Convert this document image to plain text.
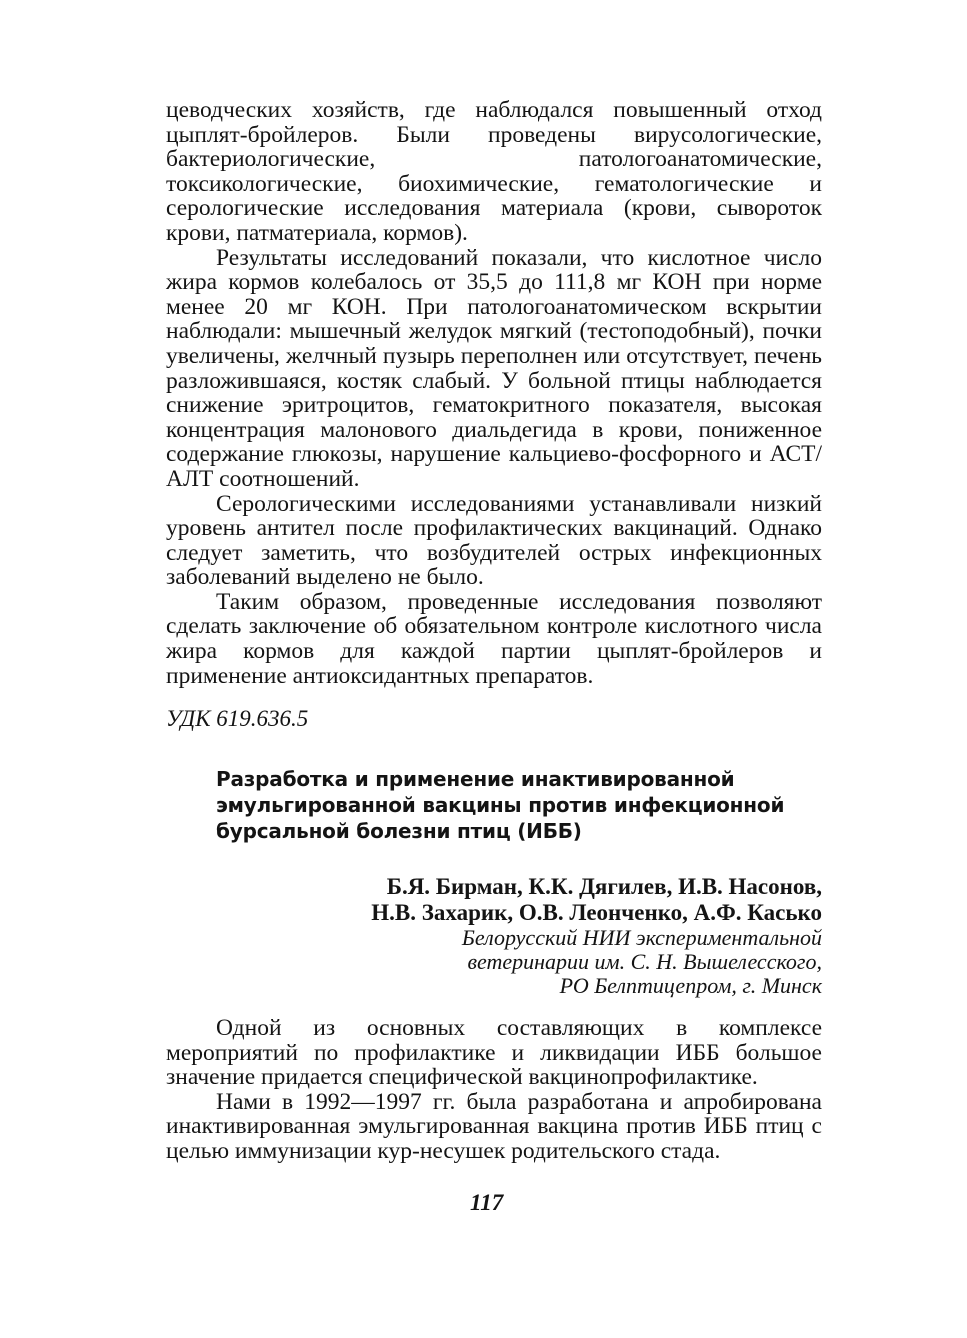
цеводческих хозяйств, где наблюдался повышенный отход цыплят-бройлеров. Были проведены вирусологические, бактериологические, патологоанатомические, токсикологические, биохимические, гематологические и серологические исследования материала (крови, сывороток крови, патматериала, кормов).

Результаты исследований показали, что кислотное число жира кормов колебалось от 35,5 до 111,8 мг КОН при норме менее 20 мг КОН. При патологоанатомическом вскрытии наблюдали: мышечный желудок мягкий (тестоподобный), почки увеличены, желчный пузырь переполнен или отсутствует, печень разложившаяся, костяк слабый. У больной птицы наблюдается снижение эритроцитов, гематокритного показателя, высокая концентрация малонового диальдегида в крови, пониженное содержание глюкозы, нарушение кальциево-фосфорного и АСТ/АЛТ соотношений.

Серологическими исследованиями устанавливали низкий уровень антител после профилактических вакцинаций. Однако следует заметить, что возбудителей острых инфекционных заболеваний выделено не было.

Таким образом, проведенные исследования позволяют сделать заключение об обязательном контроле кислотного числа жира кормов для каждой партии цыплят-бройлеров и применение антиоксидантных препаратов.

УДК 619.636.5

Разработка и применение инактивированной эмульгированной вакцины против инфекционной бурсальной болезни птиц (ИББ)

Б.Я. Бирман, К.К. Дягилев, И.В. Насонов,
Н.В. Захарик, О.В. Леонченко, А.Ф. Касько

Белорусский НИИ экспериментальной
ветеринарии им. С. Н. Вышелесского,
РО Белптицепром, г. Минск

Одной из основных составляющих в комплексе мероприятий по профилактике и ликвидации ИББ большое значение придается специфической вакцинопрофилактике.

Нами в 1992—1997 гг. была разработана и апробирована инактивированная эмульгированная вакцина против ИББ птиц с целью иммунизации кур-несушек родительского стада.

117
